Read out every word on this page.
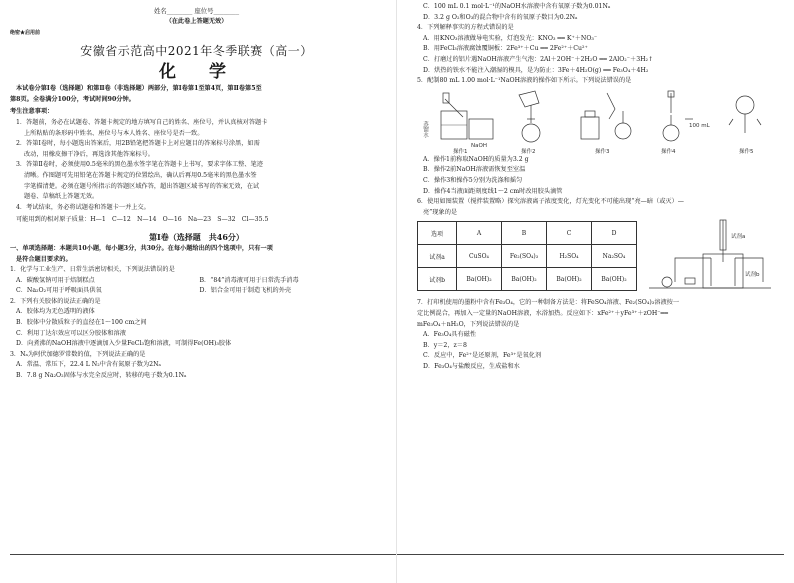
姓名________ 座位号________
（在此卷上答题无效）
绝密★启用前
安徽省示范高中2021年冬季联赛（高一）
化　学
本试卷分第Ⅰ卷（选择题）和第Ⅱ卷（非选择题）两部分，第Ⅰ卷第1至第4页，第Ⅱ卷第5至
第8页。全卷满分100分，考试时间90分钟。
考生注意事项：
1．答题前，务必在试题卷、答题卡规定的地方填写自己的姓名、座位号，并认真核对答题卡
上所粘贴的条形码中姓名、座位号与本人姓名、座位号是否一致。
2．答第Ⅰ卷时，每小题选出答案后，用2B铅笔把答题卡上对应题目的答案标号涂黑，如需
改动，用橡皮擦干净后，再选涂其他答案标号。
3．答第Ⅱ卷时，必须使用0.5毫米的黑色墨水签字笔在答题卡上书写，要求字体工整、笔迹
清晰。作图题可先用铅笔在答题卡规定的位置绘出，确认后再用0.5毫米的黑色墨水签
字笔描清楚。必须在题号所指示的答题区域作答，超出答题区域书写的答案无效，在试
题卷、草稿纸上答题无效。
4．考试结束，务必将试题卷和答题卡一并上交。
可能用到的相对原子质量：H—1　C—12　N—14　O—16　Na—23　S—32　Cl—35.5
第Ⅰ卷（选择题　共46分）
一、单项选择题：本题共10小题，每小题3分，共30分。在每小题给出的四个选项中，只有一项
是符合题目要求的。
1．化学与工业生产、日常生活密切相关，下列说法错误的是
A．碳酸氢钠可用于焙制糕点	B．“84”消毒液可用于日常洗手消毒
C．Na₂O₂可用于呼吸面具供氧	D．铝合金可用于制造飞机的外壳
2．下列有关胶体的说法正确的是
A．胶体均为无色透明的液体
B．胶体中分散质粒子的直径在1～100 cm之间
C．利用丁达尔效应可以区分胶体和溶液
D．向煮沸的NaOH溶液中逐滴加入少量FeCl₃饱和溶液，可制得Fe(OH)₃胶体
3．Nₐ为阿伏加德罗常数的值，下列说法正确的是
A．常温、常压下，22.4 L N₂中含有氮原子数为2Nₐ
B．7.8 g Na₂O₂固体与水完全反应时，转移的电子数为0.1Nₐ
C．100 mL 0.1 mol·L⁻¹的NaOH水溶液中含有氧原子数为0.01Nₐ
D．3.2 g O₂和O₃的混合物中含有的氧原子数目为0.2Nₐ
4．下列解释事实的方程式错误的是
A．用KNO₃溶液做导电实验，灯泡发光：KNO₃ ══ K⁺＋NO₃⁻
B．用FeCl₃溶液腐蚀覆铜板：2Fe³⁺＋Cu ══ 2Fe²⁺＋Cu²⁺
C．打磨过的铝片遇NaOH溶液产生气泡：2Al＋2OH⁻＋2H₂O ══ 2AlO₂⁻＋3H₂↑
D．烘热的铁水不能注入潮湿的模具，是为防止：3Fe＋4H₂O(g) ══ Fe₃O₄＋4H₂
5．配制80 mL 1.00 mol·L⁻¹NaOH溶液的操作如下所示。下列说法错误的是
蒸馏水
NaOH
操作1	操作2	操作3
100 mL
操作4	操作5
A．操作1前称取NaOH的质量为3.2 g
B．操作2前NaOH溶液需恢复至室温
C．操作3和操作5分别为洗涤和摇匀
D．操作4当液面距刻度线1～2 cm时改用胶头滴管
6．使用如图装置（搅拌装置略）探究溶液离子浓度变化，灯光变化不可能出现“亮—暗（或灭）—
亮”现象的是
选项	A	B	C	D
试剂a	CuSO₄	Fe₂(SO₄)₃	H₂SO₄	Na₂SO₄
试剂b	Ba(OH)₂	Ba(OH)₂	Ba(OH)₂	Ba(OH)₂
试剂a
试剂b
7．打印机使用的墨粉中含有Fe₃O₄，它的一种制备方法是：将FeSO₄溶液、Fe₂(SO₄)₃溶液按一
定比例混合，再加入一定量的NaOH溶液，水浴加热。反应如下：xFe²⁺＋yFe³⁺＋zOH⁻══
mFe₃O₄＋nH₂O，下列说法错误的是
A．Fe₃O₄具有磁性
B．y＝2，z＝8
C．反应中，Fe²⁺是还原剂，Fe³⁺是氧化剂
D．Fe₃O₄与盐酸反应，生成盐和水
